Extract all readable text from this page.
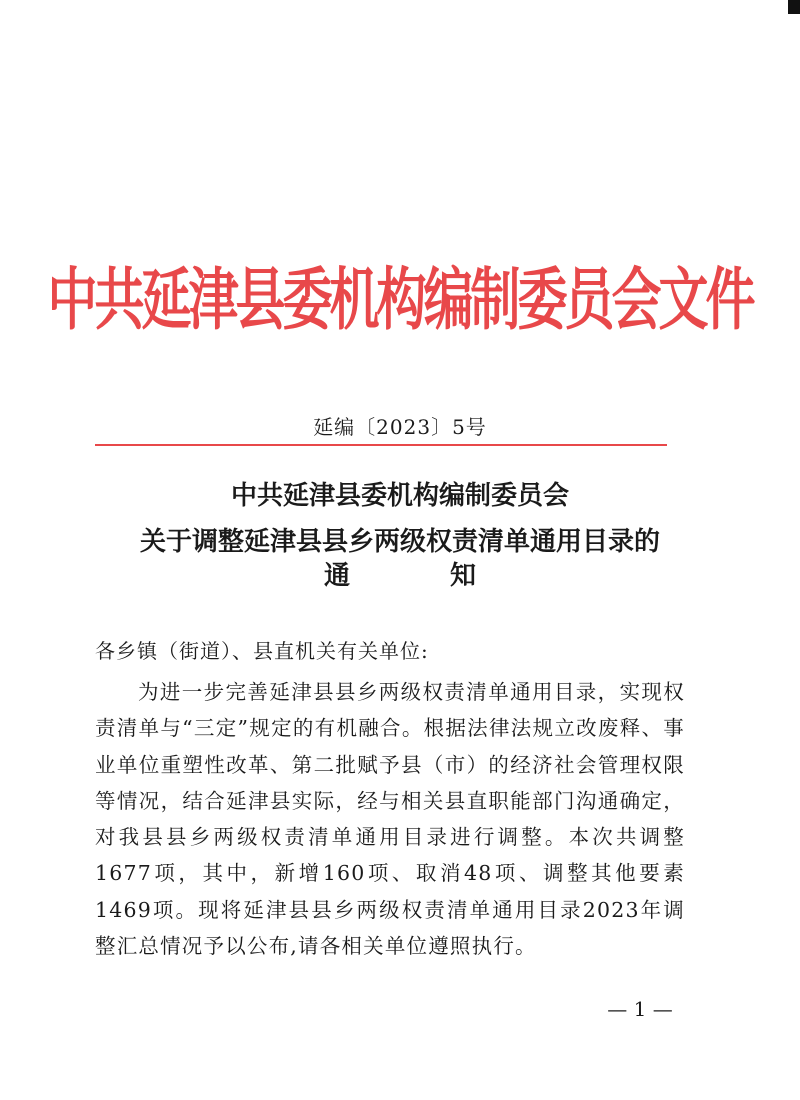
中共延津县委机构编制委员会文件
延编〔2023〕5号
中共延津县委机构编制委员会
关于调整延津县县乡两级权责清单通用目录的
通知
各乡镇（街道）、县直机关有关单位:
为进一步完善延津县县乡两级权责清单通用目录，实现权责清单与“三定”规定的有机融合。根据法律法规立改废释、事业单位重塑性改革、第二批赋予县（市）的经济社会管理权限等情况，结合延津县实际，经与相关县直职能部门沟通确定，对我县县乡两级权责清单通用目录进行调整。本次共调整1677项，其中，新增160项、取消48项、调整其他要素1469项。现将延津县县乡两级权责清单通用目录2023年调整汇总情况予以公布,请各相关单位遵照执行。
— 1 —
